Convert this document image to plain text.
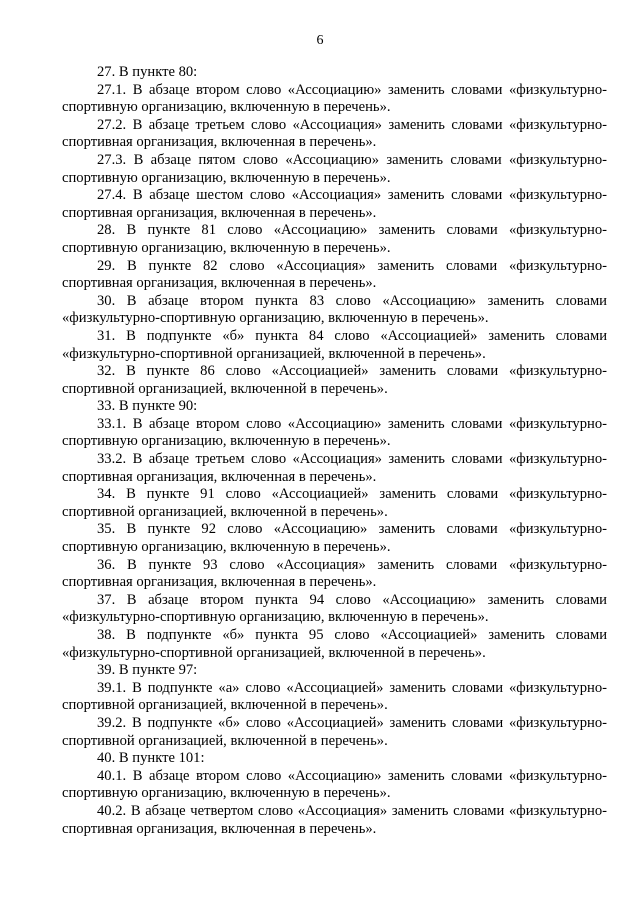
6

27. В пункте 80:

27.1. В абзаце втором слово «Ассоциацию» заменить словами «физкультурно-спортивную организацию, включенную в перечень».

27.2. В абзаце третьем слово «Ассоциация» заменить словами «физкультурно-спортивная организация, включенная в перечень».

27.3. В абзаце пятом слово «Ассоциацию» заменить словами «физкультурно-спортивную организацию, включенную в перечень».

27.4. В абзаце шестом слово «Ассоциация» заменить словами «физкультурно-спортивная организация, включенная в перечень».

28. В пункте 81 слово «Ассоциацию» заменить словами «физкультурно-спортивную организацию, включенную в перечень».

29. В пункте 82 слово «Ассоциация» заменить словами «физкультурно-спортивная организация, включенная в перечень».

30. В абзаце втором пункта 83 слово «Ассоциацию» заменить словами «физкультурно-спортивную организацию, включенную в перечень».

31. В подпункте «б» пункта 84 слово «Ассоциацией» заменить словами «физкультурно-спортивной организацией, включенной в перечень».

32. В пункте 86 слово «Ассоциацией» заменить словами «физкультурно-спортивной организацией, включенной в перечень».

33. В пункте 90:

33.1. В абзаце втором слово «Ассоциацию» заменить словами «физкультурно-спортивную организацию, включенную в перечень».

33.2. В абзаце третьем слово «Ассоциация» заменить словами «физкультурно-спортивная организация, включенная в перечень».

34. В пункте 91 слово «Ассоциацией» заменить словами «физкультурно-спортивной организацией, включенной в перечень».

35. В пункте 92 слово «Ассоциацию» заменить словами «физкультурно-спортивную организацию, включенную в перечень».

36. В пункте 93 слово «Ассоциация» заменить словами «физкультурно-спортивная организация, включенная в перечень».

37. В абзаце втором пункта 94 слово «Ассоциацию» заменить словами «физкультурно-спортивную организацию, включенную в перечень».

38. В подпункте «б» пункта 95 слово «Ассоциацией» заменить словами «физкультурно-спортивной организацией, включенной в перечень».

39. В пункте 97:

39.1. В подпункте «а» слово «Ассоциацией» заменить словами «физкультурно-спортивной организацией, включенной в перечень».

39.2. В подпункте «б» слово «Ассоциацией» заменить словами «физкультурно-спортивной организацией, включенной в перечень».

40. В пункте 101:

40.1. В абзаце втором слово «Ассоциацию» заменить словами «физкультурно-спортивную организацию, включенную в перечень».

40.2. В абзаце четвертом слово «Ассоциация» заменить словами «физкультурно-спортивная организация, включенная в перечень».
